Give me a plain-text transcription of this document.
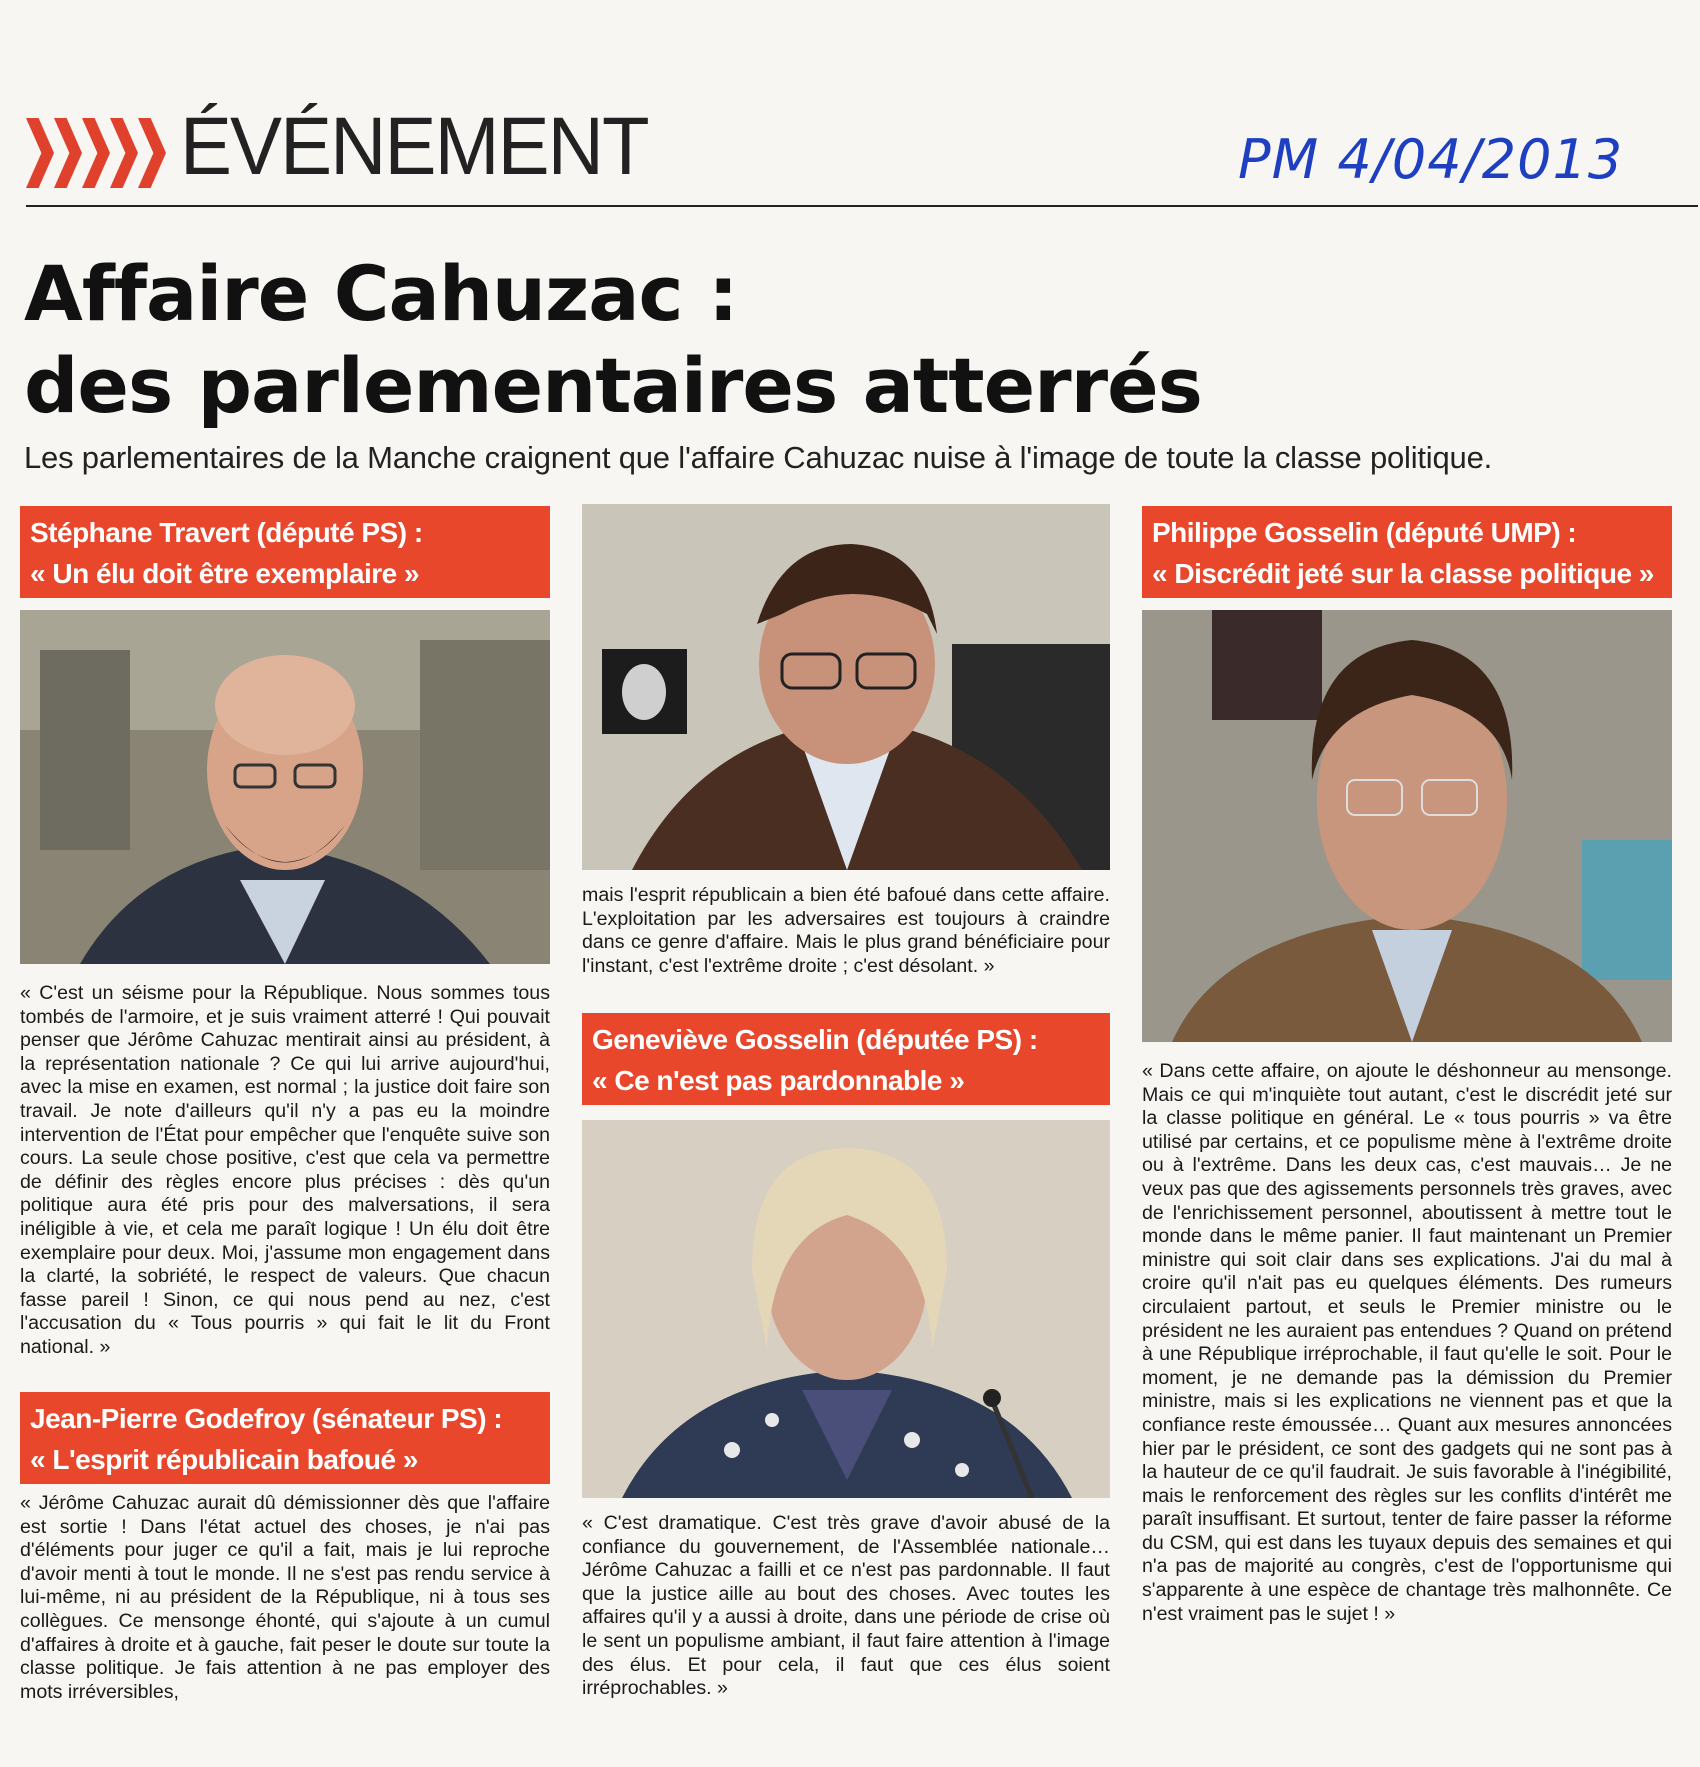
ÉVÉNEMENT	PM 4/04/2013
Affaire Cahuzac :
des parlementaires atterrés
Les parlementaires de la Manche craignent que l'affaire Cahuzac nuise à l'image de toute la classe politique.
Stéphane Travert (député PS) :
« Un élu doit être exemplaire »

« C'est un séisme pour la République. Nous sommes tous tombés de l'armoire, et je suis vraiment atterré ! Qui pouvait penser que Jérôme Cahuzac mentirait ainsi au président, à la représentation nationale ? Ce qui lui arrive aujourd'hui, avec la mise en examen, est normal ; la justice doit faire son travail. Je note d'ailleurs qu'il n'y a pas eu la moindre intervention de l'État pour empêcher que l'enquête suive son cours. La seule chose positive, c'est que cela va permettre de définir des règles encore plus précises : dès qu'un politique aura été pris pour des malversations, il sera inéligible à vie, et cela me paraît logique ! Un élu doit être exemplaire pour deux. Moi, j'assume mon engagement dans la clarté, la sobriété, le respect de valeurs. Que chacun fasse pareil ! Sinon, ce qui nous pend au nez, c'est l'accusation du « Tous pourris » qui fait le lit du Front national. »

Jean-Pierre Godefroy (sénateur PS) :
« L'esprit républicain bafoué »

« Jérôme Cahuzac aurait dû démissionner dès que l'affaire est sortie ! Dans l'état actuel des choses, je n'ai pas d'éléments pour juger ce qu'il a fait, mais je lui reproche d'avoir menti à tout le monde. Il ne s'est pas rendu service à lui-même, ni au président de la République, ni à tous ses collègues. Ce mensonge éhonté, qui s'ajoute à un cumul d'affaires à droite et à gauche, fait peser le doute sur toute la classe politique. Je fais attention à ne pas employer des mots irréversibles,

mais l'esprit républicain a bien été bafoué dans cette affaire. L'exploitation par les adversaires est toujours à craindre dans ce genre d'affaire. Mais le plus grand bénéficiaire pour l'instant, c'est l'extrême droite ; c'est désolant. »

Geneviève Gosselin (députée PS) :
« Ce n'est pas pardonnable »

« C'est dramatique. C'est très grave d'avoir abusé de la confiance du gouvernement, de l'Assemblée nationale… Jérôme Cahuzac a failli et ce n'est pas pardonnable. Il faut que la justice aille au bout des choses. Avec toutes les affaires qu'il y a aussi à droite, dans une période de crise où le sent un populisme ambiant, il faut faire attention à l'image des élus. Et pour cela, il faut que ces élus soient irréprochables. »

Philippe Gosselin (député UMP) :
« Discrédit jeté sur la classe politique »

« Dans cette affaire, on ajoute le déshonneur au mensonge. Mais ce qui m'inquiète tout autant, c'est le discrédit jeté sur la classe politique en général. Le « tous pourris » va être utilisé par certains, et ce populisme mène à l'extrême droite ou à l'extrême. Dans les deux cas, c'est mauvais… Je ne veux pas que des agissements personnels très graves, avec de l'enrichissement personnel, aboutissent à mettre tout le monde dans le même panier. Il faut maintenant un Premier ministre qui soit clair dans ses explications. J'ai du mal à croire qu'il n'ait pas eu quelques éléments. Des rumeurs circulaient partout, et seuls le Premier ministre ou le président ne les auraient pas entendues ? Quand on prétend à une République irréprochable, il faut qu'elle le soit. Pour le moment, je ne demande pas la démission du Premier ministre, mais si les explications ne viennent pas et que la confiance reste émoussée… Quant aux mesures annoncées hier par le président, ce sont des gadgets qui ne sont pas à la hauteur de ce qu'il faudrait. Je suis favorable à l'inégibilité, mais le renforcement des règles sur les conflits d'intérêt me paraît insuffisant. Et surtout, tenter de faire passer la réforme du CSM, qui est dans les tuyaux depuis des semaines et qui n'a pas de majorité au congrès, c'est de l'opportunisme qui s'apparente à une espèce de chantage très malhonnête. Ce n'est vraiment pas le sujet ! »
